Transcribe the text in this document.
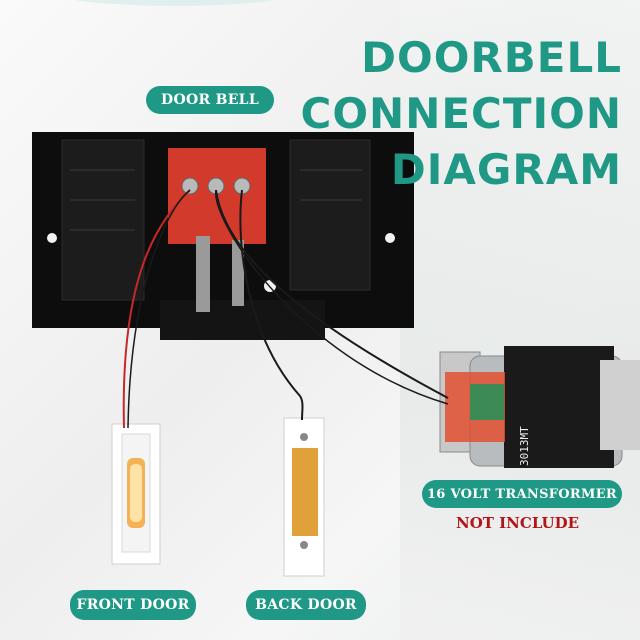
3013MT
DOORBELL
CONNECTION
DIAGRAM
DOOR BELL
16 VOLT TRANSFORMER
NOT INCLUDE
FRONT DOOR	BACK DOOR
